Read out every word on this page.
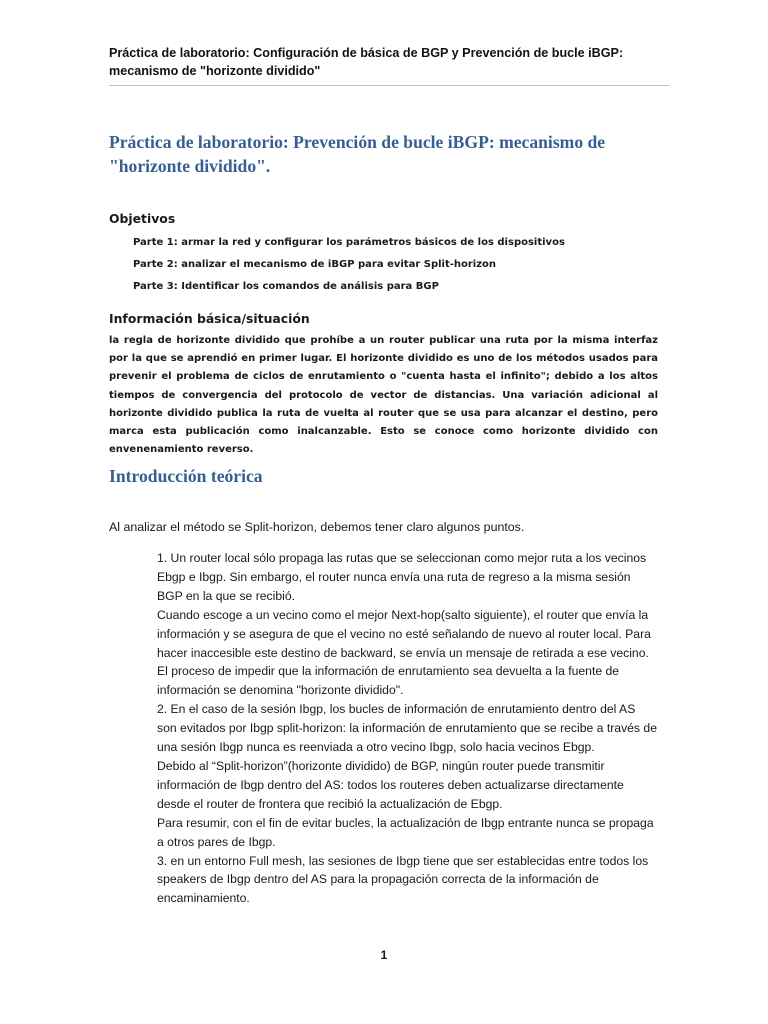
Práctica de laboratorio: Configuración de básica de BGP y Prevención de bucle iBGP: mecanismo de "horizonte dividido"
Práctica de laboratorio: Prevención de bucle iBGP: mecanismo de "horizonte dividido".
Objetivos
Parte 1: armar la red y configurar los parámetros básicos de los dispositivos
Parte 2: analizar el mecanismo de iBGP para evitar Split-horizon
Parte 3: Identificar los comandos de análisis para BGP
Información básica/situación

la regla de horizonte dividido que prohíbe a un router publicar una ruta por la misma interfaz por la que se aprendió en primer lugar. El horizonte dividido es uno de los métodos usados para prevenir el problema de ciclos de enrutamiento o "cuenta hasta el infinito"; debido a los altos tiempos de convergencia del protocolo de vector de distancias. Una variación adicional al horizonte dividido publica la ruta de vuelta al router que se usa para alcanzar el destino, pero marca esta publicación como inalcanzable. Esto se conoce como horizonte dividido con envenenamiento reverso.

Introducción teórica

Al analizar el método se Split-horizon, debemos tener claro algunos puntos.

1. Un router local sólo propaga las rutas que se seleccionan como mejor ruta a los vecinos Ebgp e Ibgp. Sin embargo, el router nunca envía una ruta de regreso a la misma sesión BGP en la que se recibió.

Cuando escoge a un vecino como el mejor Next-hop(salto siguiente), el router que envía la información y se asegura de que el vecino no esté señalando de nuevo al router local. Para hacer inaccesible este destino de backward, se envía un mensaje de retirada a ese vecino. El proceso de impedir que la información de enrutamiento sea devuelta a la fuente de información se denomina "horizonte dividido".

2. En el caso de la sesión Ibgp, los bucles de información de enrutamiento dentro del AS son evitados por Ibgp split-horizon: la información de enrutamiento que se recibe a través de una sesión Ibgp nunca es reenviada a otro vecino Ibgp, solo hacia vecinos Ebgp.

Debido al “Split-horizon”(horizonte dividido) de BGP, ningún router puede transmitir información de Ibgp dentro del AS: todos los routeres deben actualizarse directamente desde el router de frontera que recibió la actualización de Ebgp.

Para resumir, con el fin de evitar bucles, la actualización de Ibgp entrante nunca se propaga a otros pares de Ibgp.

3. en un entorno Full mesh, las sesiones de Ibgp tiene que ser establecidas entre todos los speakers de Ibgp dentro del AS para la propagación correcta de la información de encaminamiento.

1
